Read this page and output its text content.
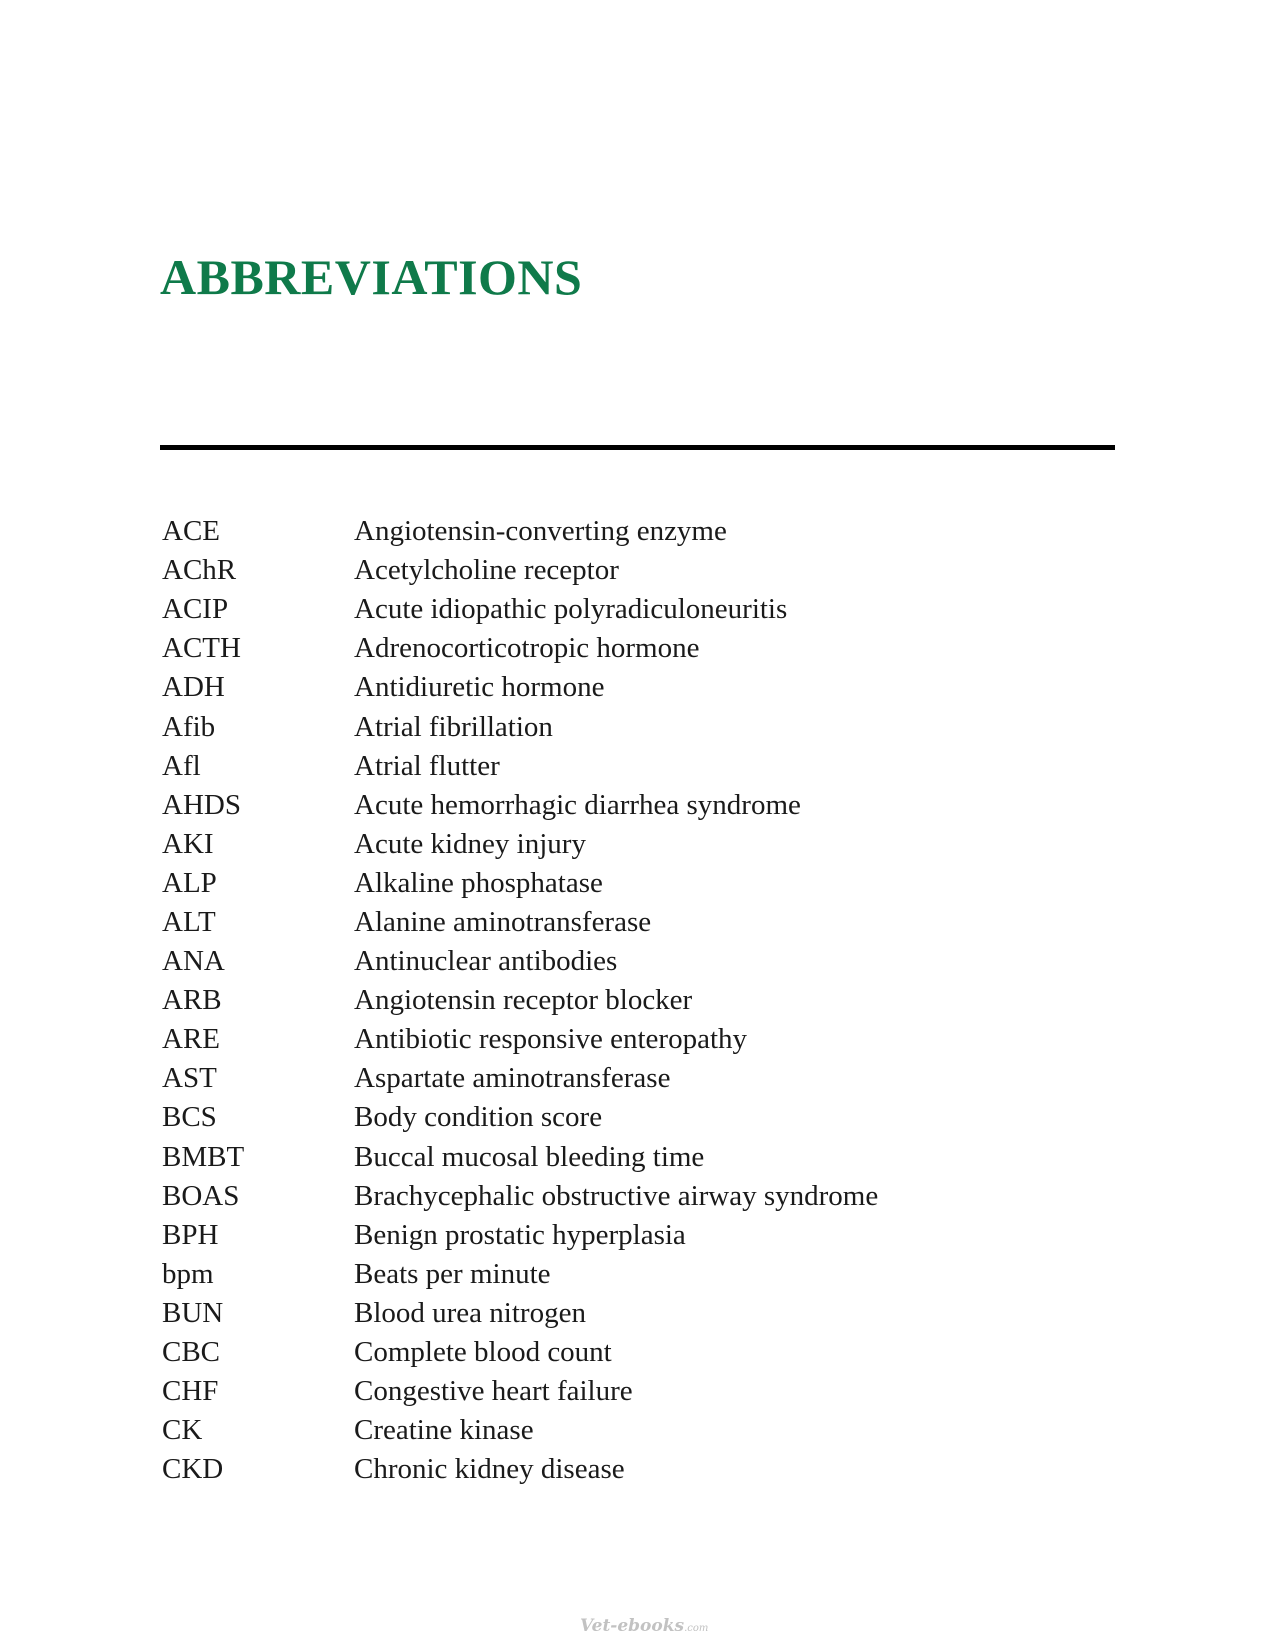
ABBREVIATIONS
ACE	Angiotensin-converting enzyme
AChR	Acetylcholine receptor
ACIP	Acute idiopathic polyradiculoneuritis
ACTH	Adrenocorticotropic hormone
ADH	Antidiuretic hormone
Afib	Atrial fibrillation
Afl	Atrial flutter
AHDS	Acute hemorrhagic diarrhea syndrome
AKI	Acute kidney injury
ALP	Alkaline phosphatase
ALT	Alanine aminotransferase
ANA	Antinuclear antibodies
ARB	Angiotensin receptor blocker
ARE	Antibiotic responsive enteropathy
AST	Aspartate aminotransferase
BCS	Body condition score
BMBT	Buccal mucosal bleeding time
BOAS	Brachycephalic obstructive airway syndrome
BPH	Benign prostatic hyperplasia
bpm	Beats per minute
BUN	Blood urea nitrogen
CBC	Complete blood count
CHF	Congestive heart failure
CK	Creatine kinase
CKD	Chronic kidney disease
Vet-ebooks.com
